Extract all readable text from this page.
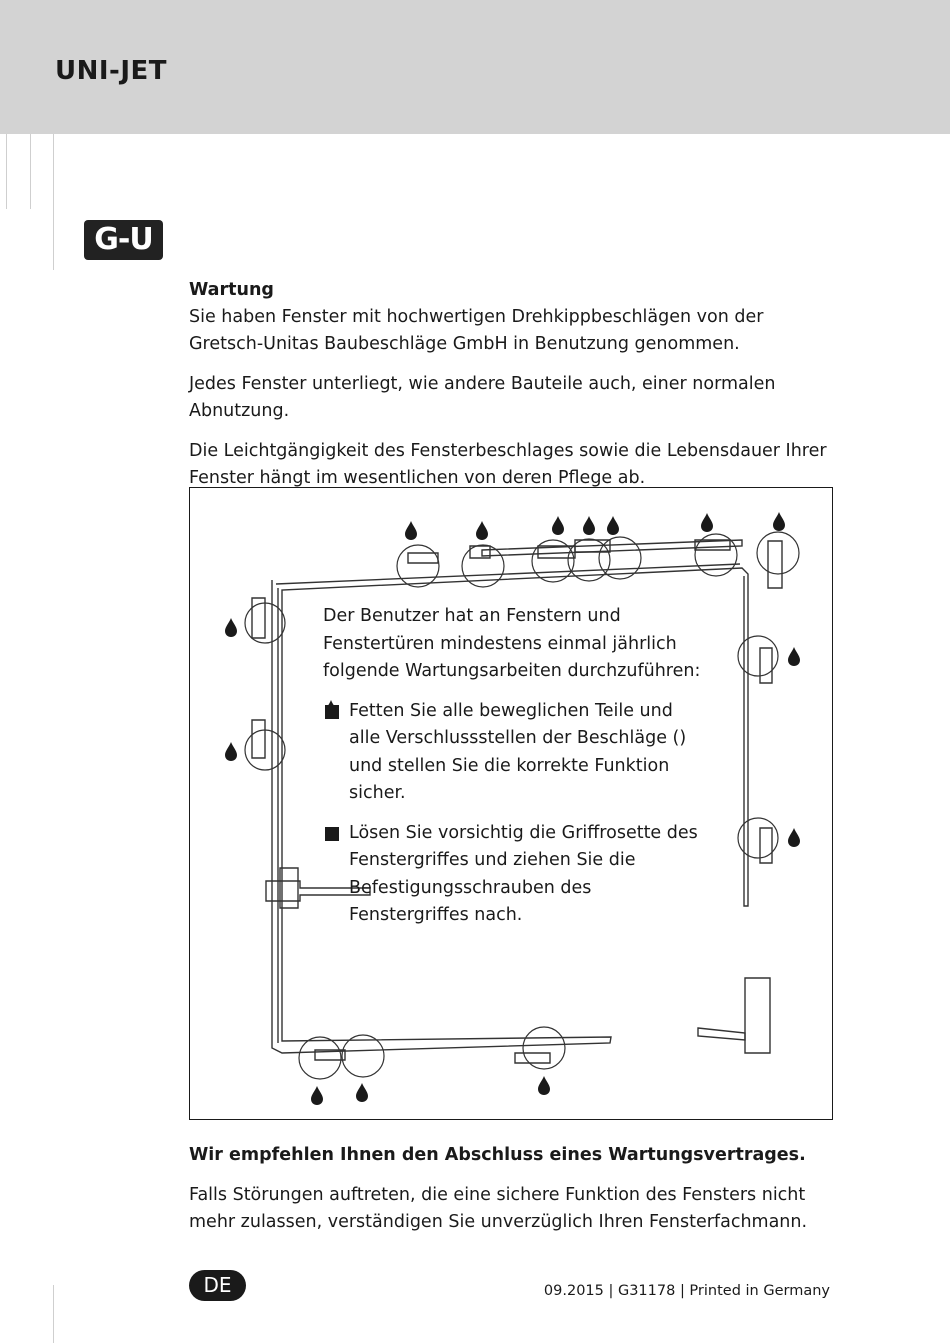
UNI-JET
G-U
Wartung
Sie haben Fenster mit hochwertigen Drehkippbeschlägen von der Gretsch-Unitas Baubeschläge GmbH in Benutzung genommen.
Jedes Fenster unterliegt, wie andere Bauteile auch, einer normalen Abnutzung.
Die Leichtgängigkeit des Fensterbeschlages sowie die Lebensdauer Ihrer Fenster hängt im wesentlichen von deren Pflege ab.
Der Benutzer hat an Fenstern und Fenstertüren mindestens einmal jährlich folgende Wartungsarbeiten durchzuführen:
Fetten Sie alle beweglichen Teile und alle Verschlussstellen der Beschläge (
) und stellen Sie die korrekte Funktion sicher.
Lösen Sie vorsichtig die Griffrosette des Fenstergriffes und ziehen Sie die Befestigungsschrauben des Fenstergriffes nach.
Wir empfehlen Ihnen den Abschluss eines Wartungsvertrages.
Falls Störungen auftreten, die eine sichere Funktion des Fensters nicht mehr zulassen, verständigen Sie unverzüglich Ihren Fensterfachmann.
DE	09.2015 | G31178 | Printed in Germany
